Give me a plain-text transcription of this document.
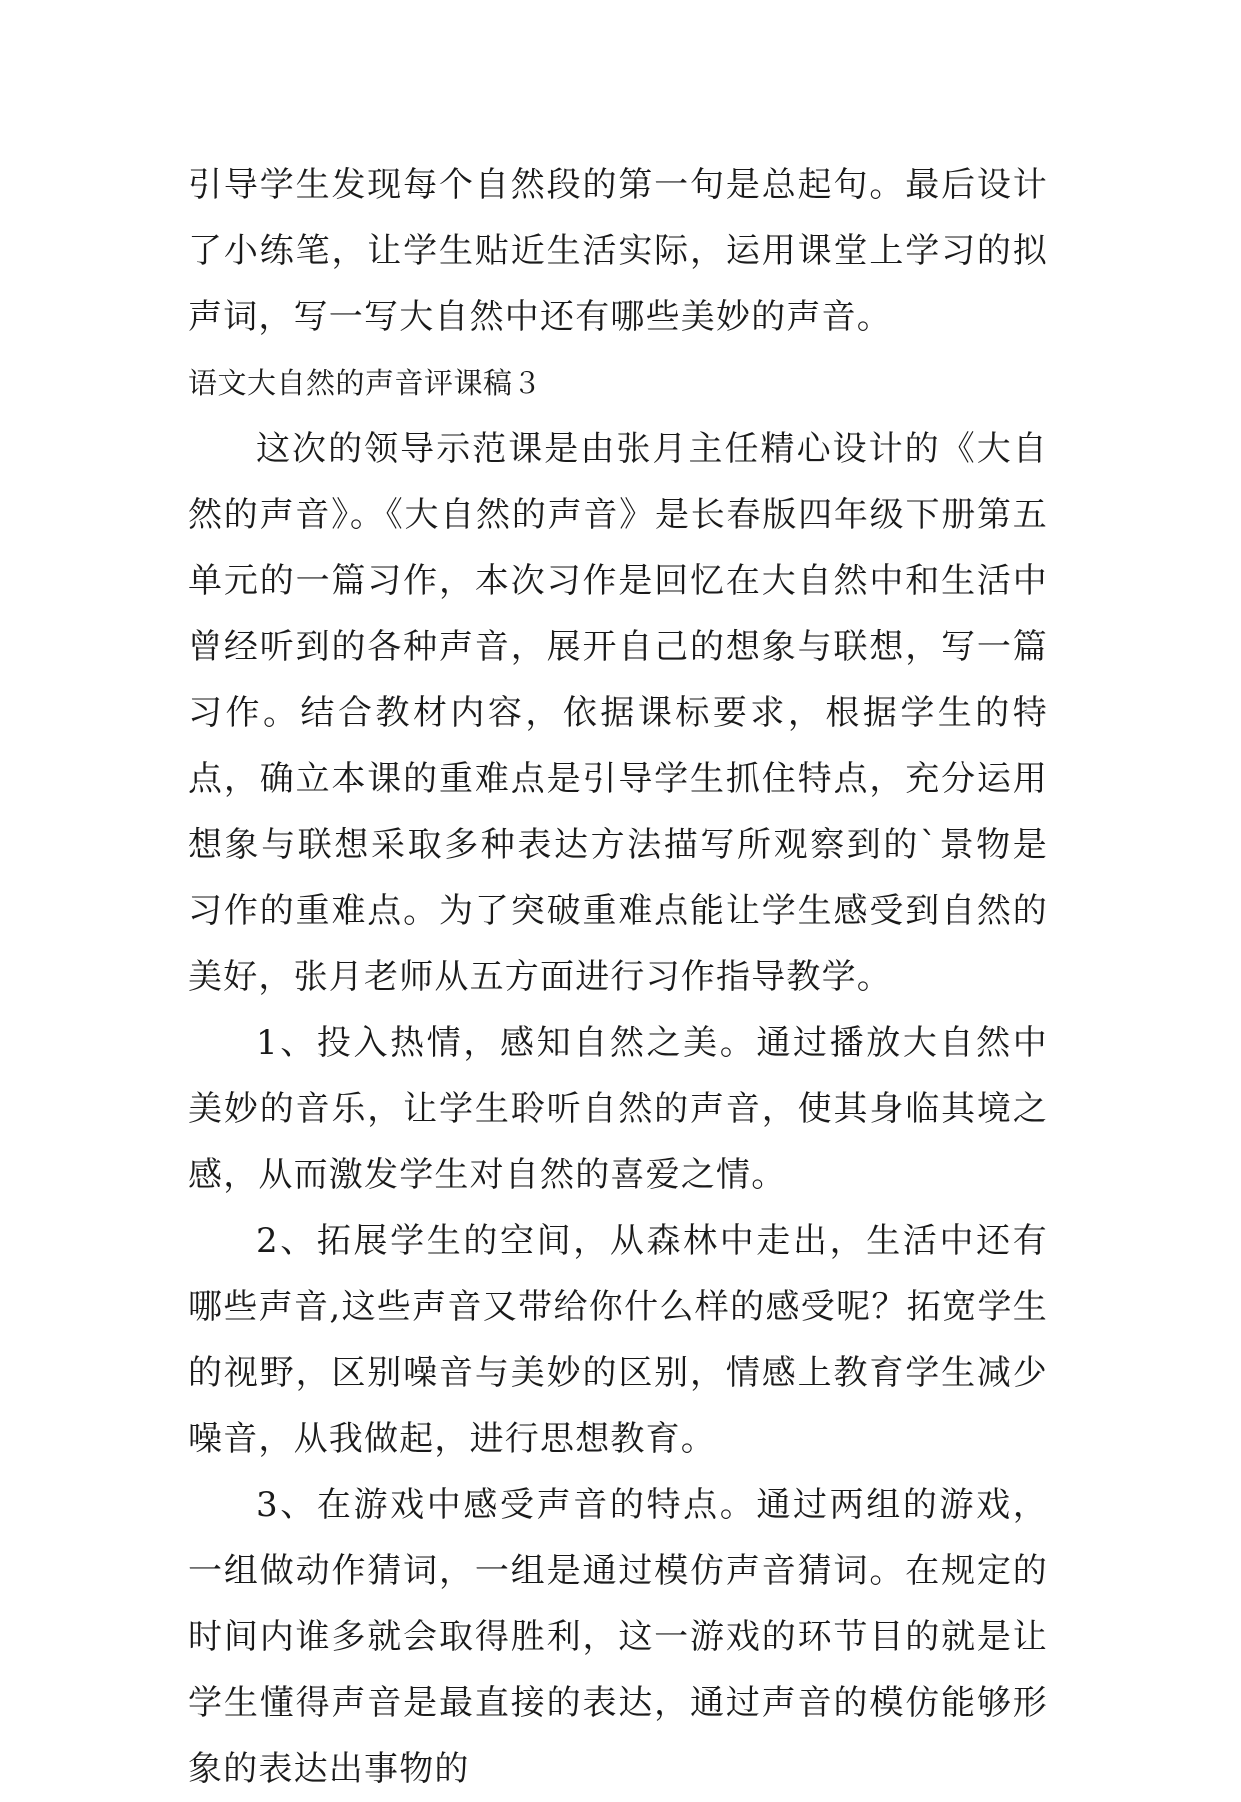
引导学生发现每个自然段的第一句是总起句。最后设计了小练笔，让学生贴近生活实际，运用课堂上学习的拟声词，写一写大自然中还有哪些美妙的声音。

语文大自然的声音评课稿３

这次的领导示范课是由张月主任精心设计的《大自然的声音》。《大自然的声音》是长春版四年级下册第五单元的一篇习作，本次习作是回忆在大自然中和生活中曾经听到的各种声音，展开自己的想象与联想，写一篇习作。结合教材内容，依据课标要求，根据学生的特点，确立本课的重难点是引导学生抓住特点，充分运用想象与联想采取多种表达方法描写所观察到的`景物是习作的重难点。为了突破重难点能让学生感受到自然的美好，张月老师从五方面进行习作指导教学。

1、投入热情，感知自然之美。通过播放大自然中美妙的音乐，让学生聆听自然的声音，使其身临其境之感，从而激发学生对自然的喜爱之情。

2、拓展学生的空间，从森林中走出，生活中还有哪些声音,这些声音又带给你什么样的感受呢？拓宽学生的视野，区别噪音与美妙的区别，情感上教育学生减少噪音，从我做起，进行思想教育。

3、在游戏中感受声音的特点。通过两组的游戏，一组做动作猜词，一组是通过模仿声音猜词。在规定的时间内谁多就会取得胜利，这一游戏的环节目的就是让学生懂得声音是最直接的表达，通过声音的模仿能够形象的表达出事物的
